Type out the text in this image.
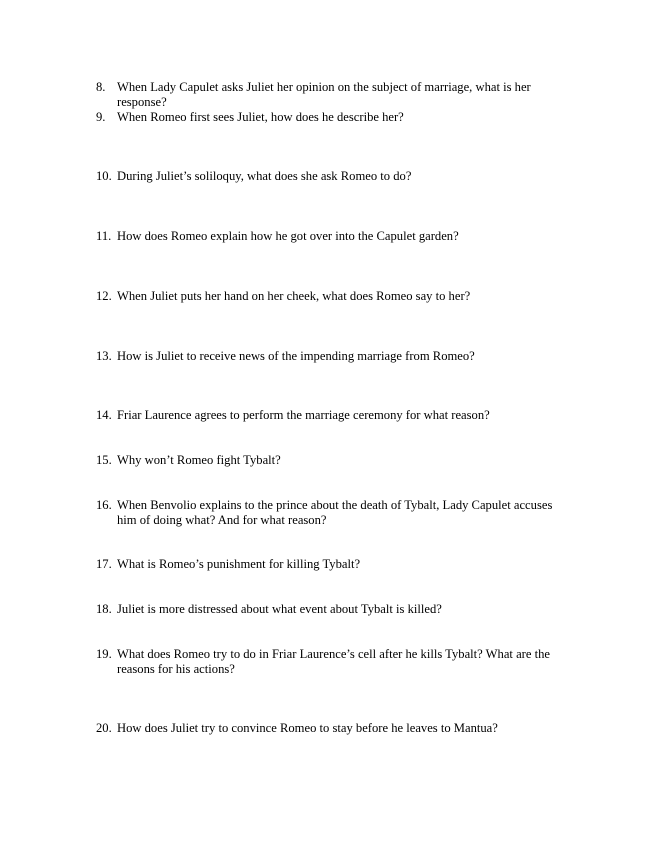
8. When Lady Capulet asks Juliet her opinion on the subject of marriage, what is her response?
9. When Romeo first sees Juliet, how does he describe her?
10. During Juliet’s soliloquy, what does she ask Romeo to do?
11. How does Romeo explain how he got over into the Capulet garden?
12. When Juliet puts her hand on her cheek, what does Romeo say to her?
13. How is Juliet to receive news of the impending marriage from Romeo?
14. Friar Laurence agrees to perform the marriage ceremony for what reason?
15. Why won’t Romeo fight Tybalt?
16. When Benvolio explains to the prince about the death of Tybalt, Lady Capulet accuses him of doing what? And for what reason?
17. What is Romeo’s punishment for killing Tybalt?
18. Juliet is more distressed about what event about Tybalt is killed?
19. What does Romeo try to do in Friar Laurence’s cell after he kills Tybalt? What are the reasons for his actions?
20. How does Juliet try to convince Romeo to stay before he leaves to Mantua?
